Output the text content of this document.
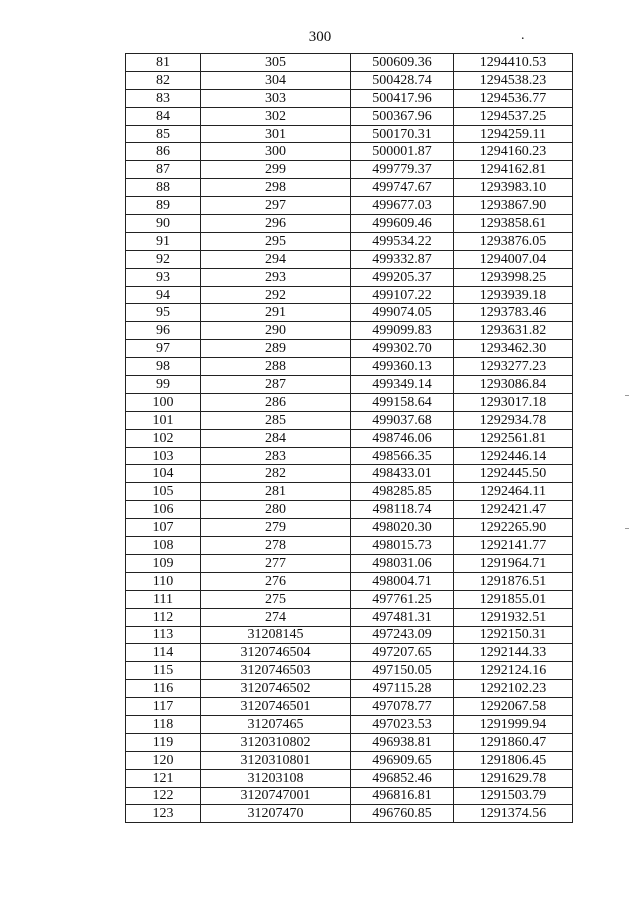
300	.
81	305	500609.36	1294410.53
82	304	500428.74	1294538.23
83	303	500417.96	1294536.77
84	302	500367.96	1294537.25
85	301	500170.31	1294259.11
86	300	500001.87	1294160.23
87	299	499779.37	1294162.81
88	298	499747.67	1293983.10
89	297	499677.03	1293867.90
90	296	499609.46	1293858.61
91	295	499534.22	1293876.05
92	294	499332.87	1294007.04
93	293	499205.37	1293998.25
94	292	499107.22	1293939.18
95	291	499074.05	1293783.46
96	290	499099.83	1293631.82
97	289	499302.70	1293462.30
98	288	499360.13	1293277.23
99	287	499349.14	1293086.84
100	286	499158.64	1293017.18
101	285	499037.68	1292934.78
102	284	498746.06	1292561.81
103	283	498566.35	1292446.14
104	282	498433.01	1292445.50
105	281	498285.85	1292464.11
106	280	498118.74	1292421.47
107	279	498020.30	1292265.90
108	278	498015.73	1292141.77
109	277	498031.06	1291964.71
110	276	498004.71	1291876.51
111	275	497761.25	1291855.01
112	274	497481.31	1291932.51
113	31208145	497243.09	1292150.31
114	3120746504	497207.65	1292144.33
115	3120746503	497150.05	1292124.16
116	3120746502	497115.28	1292102.23
117	3120746501	497078.77	1292067.58
118	31207465	497023.53	1291999.94
119	3120310802	496938.81	1291860.47
120	3120310801	496909.65	1291806.45
121	31203108	496852.46	1291629.78
122	3120747001	496816.81	1291503.79
123	31207470	496760.85	1291374.56
